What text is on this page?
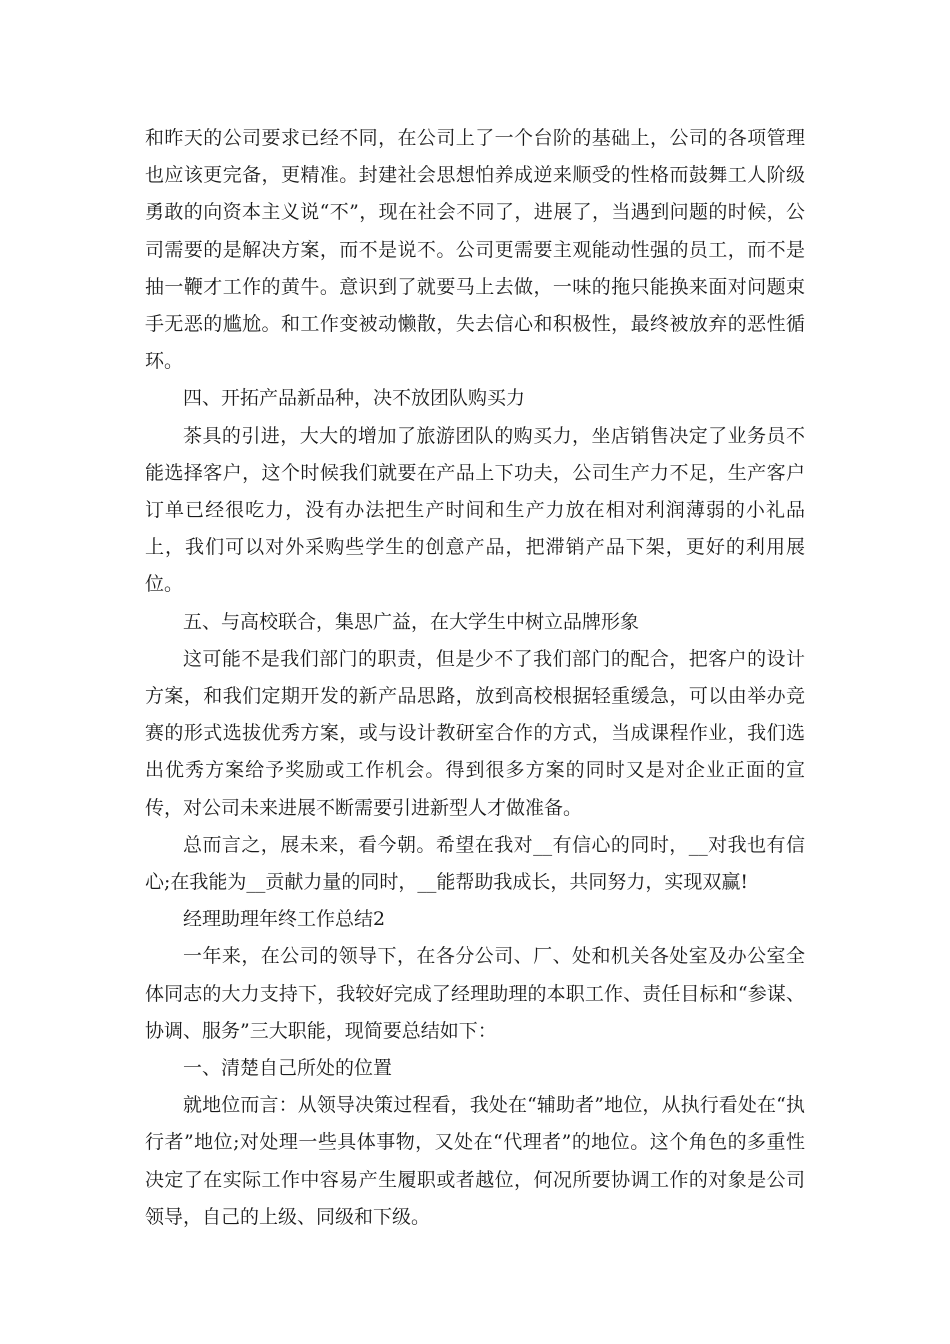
和昨天的公司要求已经不同，在公司上了一个台阶的基础上，公司的各项管理也应该更完备，更精准。封建社会思想怕养成逆来顺受的性格而鼓舞工人阶级勇敢的向资本主义说“不”，现在社会不同了，进展了，当遇到问题的时候，公司需要的是解决方案，而不是说不。公司更需要主观能动性强的员工，而不是抽一鞭才工作的黄牛。意识到了就要马上去做，一味的拖只能换来面对问题束手无恶的尴尬。和工作变被动懒散，失去信心和积极性，最终被放弃的恶性循环。

四、开拓产品新品种，决不放团队购买力

茶具的引进，大大的增加了旅游团队的购买力，坐店销售决定了业务员不能选择客户，这个时候我们就要在产品上下功夫，公司生产力不足，生产客户订单已经很吃力，没有办法把生产时间和生产力放在相对利润薄弱的小礼品上，我们可以对外采购些学生的创意产品，把滞销产品下架，更好的利用展位。

五、与高校联合，集思广益，在大学生中树立品牌形象

这可能不是我们部门的职责，但是少不了我们部门的配合，把客户的设计方案，和我们定期开发的新产品思路，放到高校根据轻重缓急，可以由举办竞赛的形式选拔优秀方案，或与设计教研室合作的方式，当成课程作业，我们选出优秀方案给予奖励或工作机会。得到很多方案的同时又是对企业正面的宣传，对公司未来进展不断需要引进新型人才做准备。

总而言之，展未来，看今朝。希望在我对__有信心的同时，__对我也有信心;在我能为__贡献力量的同时，__能帮助我成长，共同努力，实现双赢!

经理助理年终工作总结2

一年来，在公司的领导下，在各分公司、厂、处和机关各处室及办公室全体同志的大力支持下，我较好完成了经理助理的本职工作、责任目标和“参谋、协调、服务”三大职能，现简要总结如下：

一、清楚自己所处的位置

就地位而言：从领导决策过程看，我处在“辅助者”地位，从执行看处在“执行者”地位;对处理一些具体事物，又处在“代理者”的地位。这个角色的多重性决定了在实际工作中容易产生履职或者越位，何况所要协调工作的对象是公司领导，自己的上级、同级和下级。
